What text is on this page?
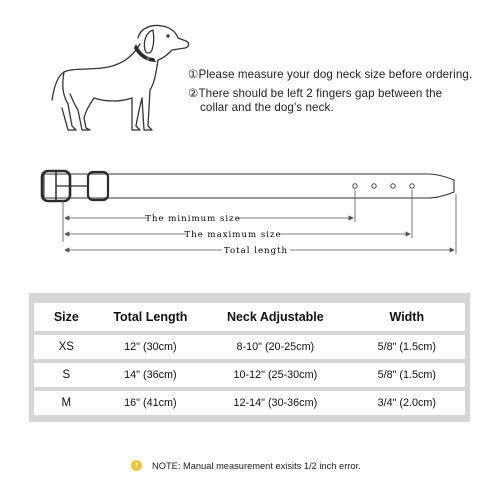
①Please measure your dog neck size before ordering.
②There should be left 2 fingers gap between the
collar and the dog's neck.
The minimum size
The maximum size
Total length
Size	Total Length	Neck Adjustable	Width
XS	12" (30cm)	8-10" (20-25cm)	5/8" (1.5cm)
S	14" (36cm)	10-12" (25-30cm)	5/8" (1.5cm)
M	16" (41cm)	12-14" (30-36cm)	3/4" (2.0cm)
!	NOTE: Manual measurement exisits 1/2 inch error.
